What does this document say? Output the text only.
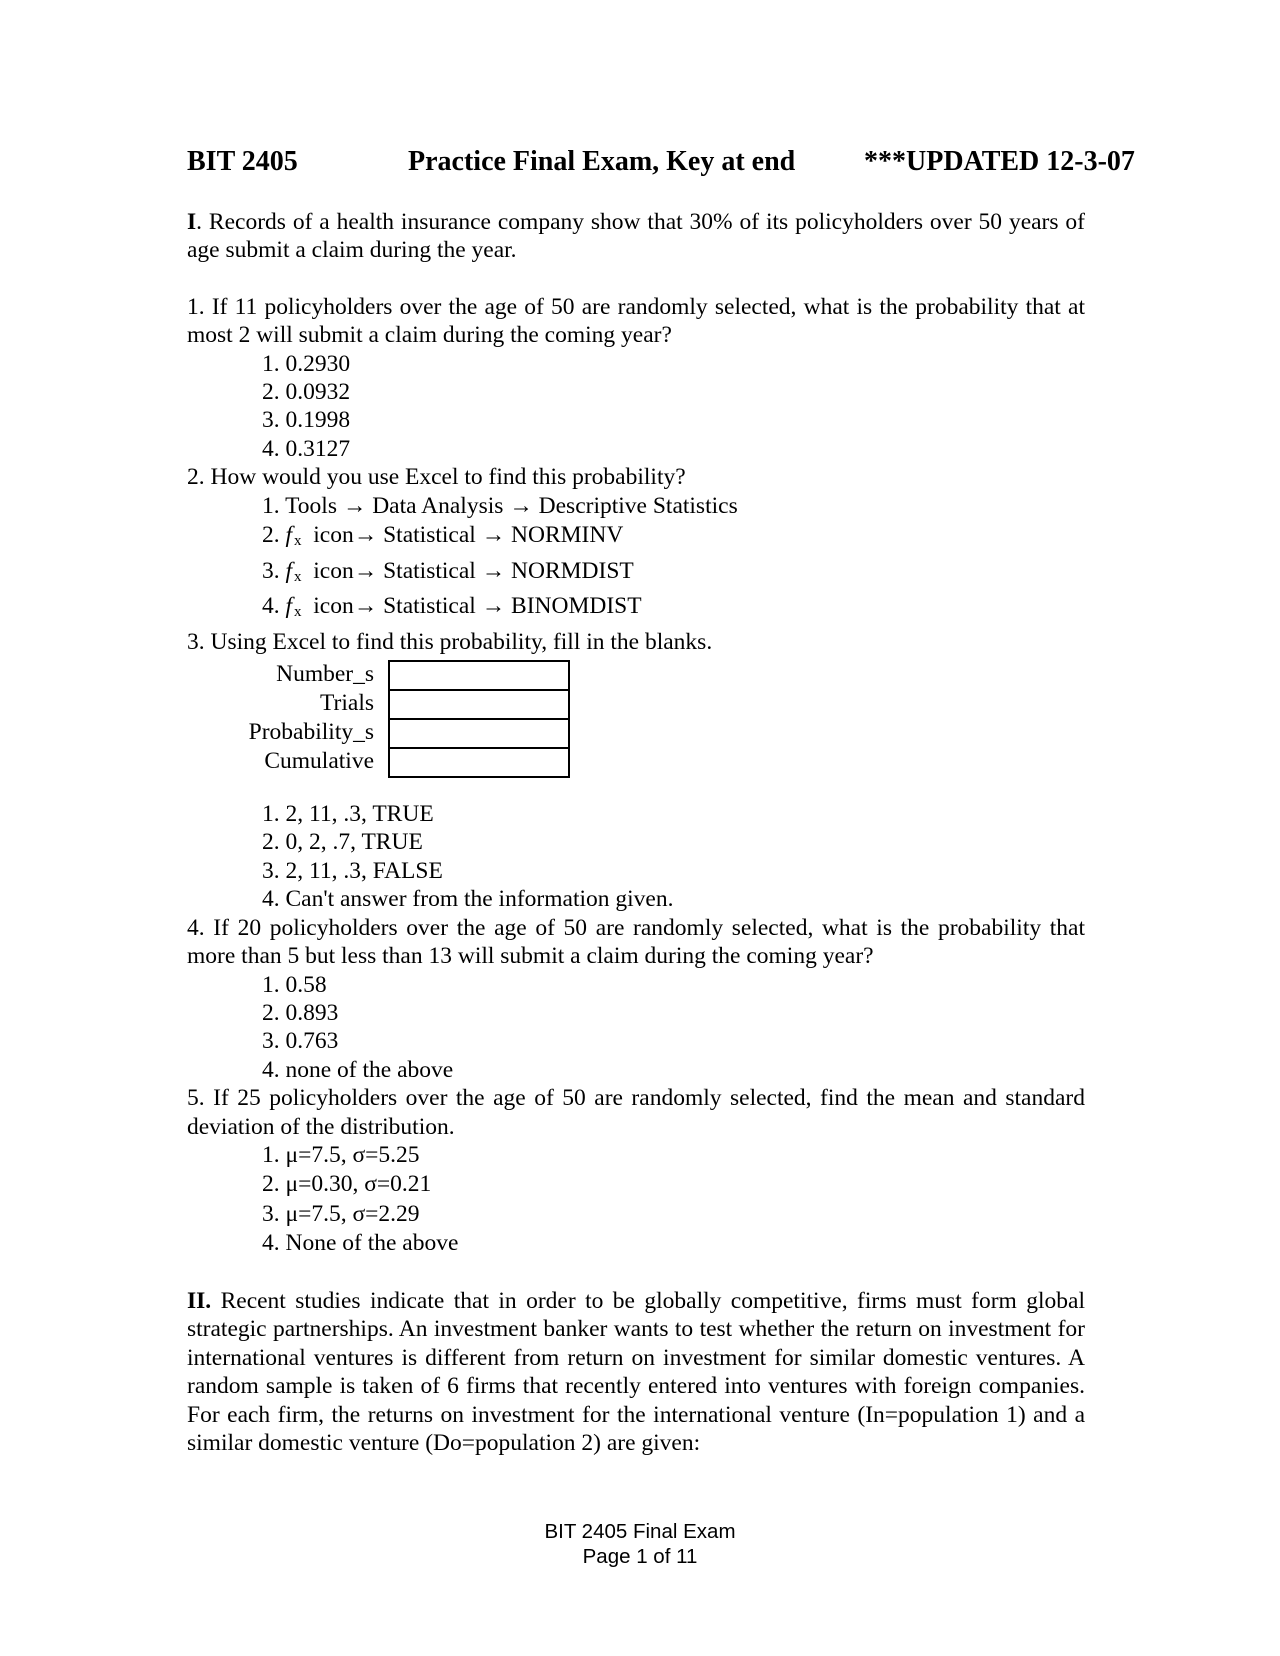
BIT 2405	Practice Final Exam, Key at end ***UPDATED 12-3-07

I. Records of a health insurance company show that 30% of its policyholders over 50 years of age submit a claim during the year.

1. If 11 policyholders over the age of 50 are randomly selected, what is the probability that at most 2 will submit a claim during the coming year?

1. 0.2930
2. 0.0932
3. 0.1998
4. 0.3127

2. How would you use Excel to find this probability?

1. Tools → Data Analysis → Descriptive Statistics
2. f $_x$ icon→ Statistical → NORMINV
3. f $_x$ icon→ Statistical → NORMDIST
4. f $_x$ icon→ Statistical → BINOMDIST

3. Using Excel to find this probability, fill in the blanks.

Number_s
Trials
Probability_s
Cumulative
1. 2, 11, .3, TRUE
2. 0, 2, .7, TRUE
3. 2, 11, .3, FALSE
4. Can't answer from the information given.

4. If 20 policyholders over the age of 50 are randomly selected, what is the probability that more than 5 but less than 13 will submit a claim during the coming year?

1. 0.58
2. 0.893
3. 0.763
4. none of the above

5. If 25 policyholders over the age of 50 are randomly selected, find the mean and standard deviation of the distribution.

1. μ=7.5, σ=5.25
2. μ=0.30, σ=0.21
3. μ=7.5, σ=2.29
4. None of the above

II. Recent studies indicate that in order to be globally competitive, firms must form global strategic partnerships. An investment banker wants to test whether the return on investment for international ventures is different from return on investment for similar domestic ventures. A random sample is taken of 6 firms that recently entered into ventures with foreign companies. For each firm, the returns on investment for the international venture (In=population 1) and a similar domestic venture (Do=population 2) are given:

BIT 2405 Final Exam
Page 1 of 11
